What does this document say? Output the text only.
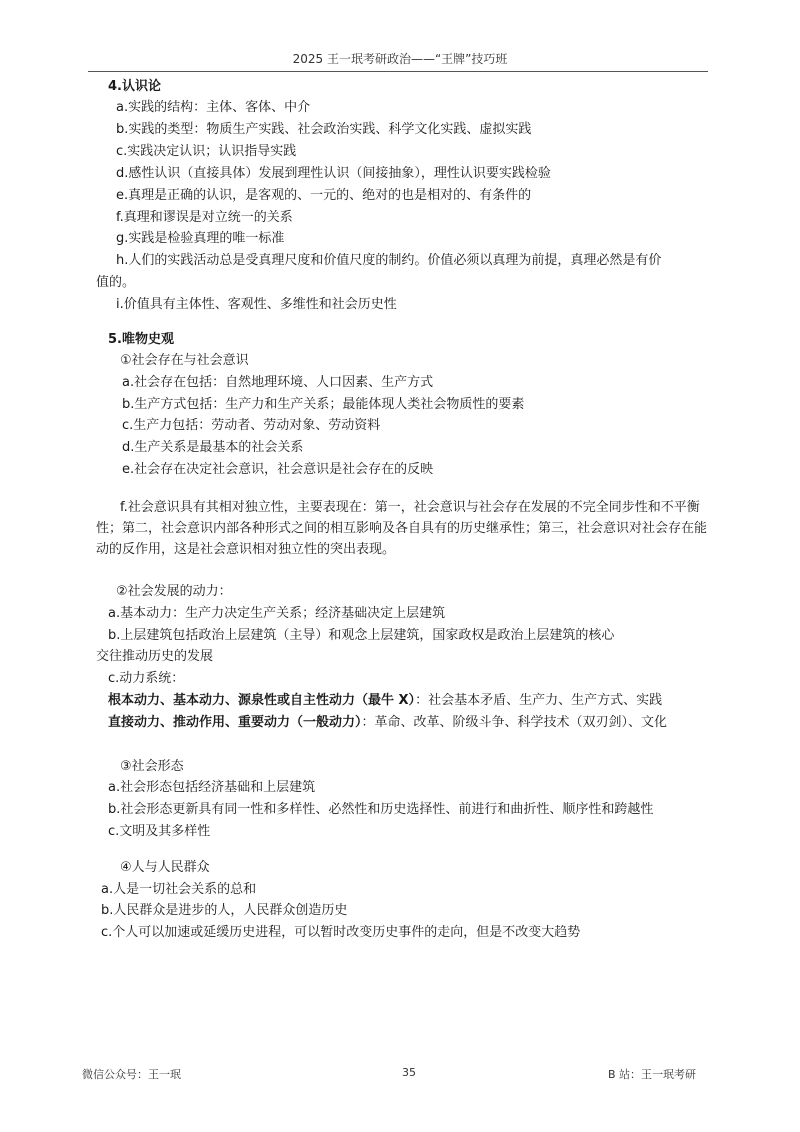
2025 王一珉考研政治——“王牌”技巧班
4.认识论
a.实践的结构：主体、客体、中介
b.实践的类型：物质生产实践、社会政治实践、科学文化实践、虚拟实践
c.实践决定认识；认识指导实践
d.感性认识（直接具体）发展到理性认识（间接抽象），理性认识要实践检验
e.真理是正确的认识，是客观的、一元的、绝对的也是相对的、有条件的
f.真理和谬误是对立统一的关系
g.实践是检验真理的唯一标准
h.人们的实践活动总是受真理尺度和价值尺度的制约。价值必须以真理为前提，真理必然是有价
值的。
i.价值具有主体性、客观性、多维性和社会历史性
5.唯物史观
①社会存在与社会意识
a.社会存在包括：自然地理环境、人口因素、生产方式
b.生产方式包括：生产力和生产关系；最能体现人类社会物质性的要素
c.生产力包括：劳动者、劳动对象、劳动资料
d.生产关系是最基本的社会关系
e.社会存在决定社会意识，社会意识是社会存在的反映
f.社会意识具有其相对独立性，主要表现在：第一，社会意识与社会存在发展的不完全同步性和不平衡性；第二，社会意识内部各种形式之间的相互影响及各自具有的历史继承性；第三，社会意识对社会存在能动的反作用，这是社会意识相对独立性的突出表现。
②社会发展的动力：
a.基本动力：生产力决定生产关系；经济基础决定上层建筑
b.上层建筑包括政治上层建筑（主导）和观念上层建筑，国家政权是政治上层建筑的核心
交往推动历史的发展
c.动力系统：
根本动力、基本动力、源泉性或自主性动力（最牛 X）：社会基本矛盾、生产力、生产方式、实践
直接动力、推动作用、重要动力（一般动力）：革命、改革、阶级斗争、科学技术（双刃剑）、文化
③社会形态
a.社会形态包括经济基础和上层建筑
b.社会形态更新具有同一性和多样性、必然性和历史选择性、前进行和曲折性、顺序性和跨越性
c.文明及其多样性
④人与人民群众
a.人是一切社会关系的总和
b.人民群众是进步的人，人民群众创造历史
c.个人可以加速或延缓历史进程，可以暂时改变历史事件的走向，但是不改变大趋势
微信公众号：王一珉	35	B 站：王一珉考研
